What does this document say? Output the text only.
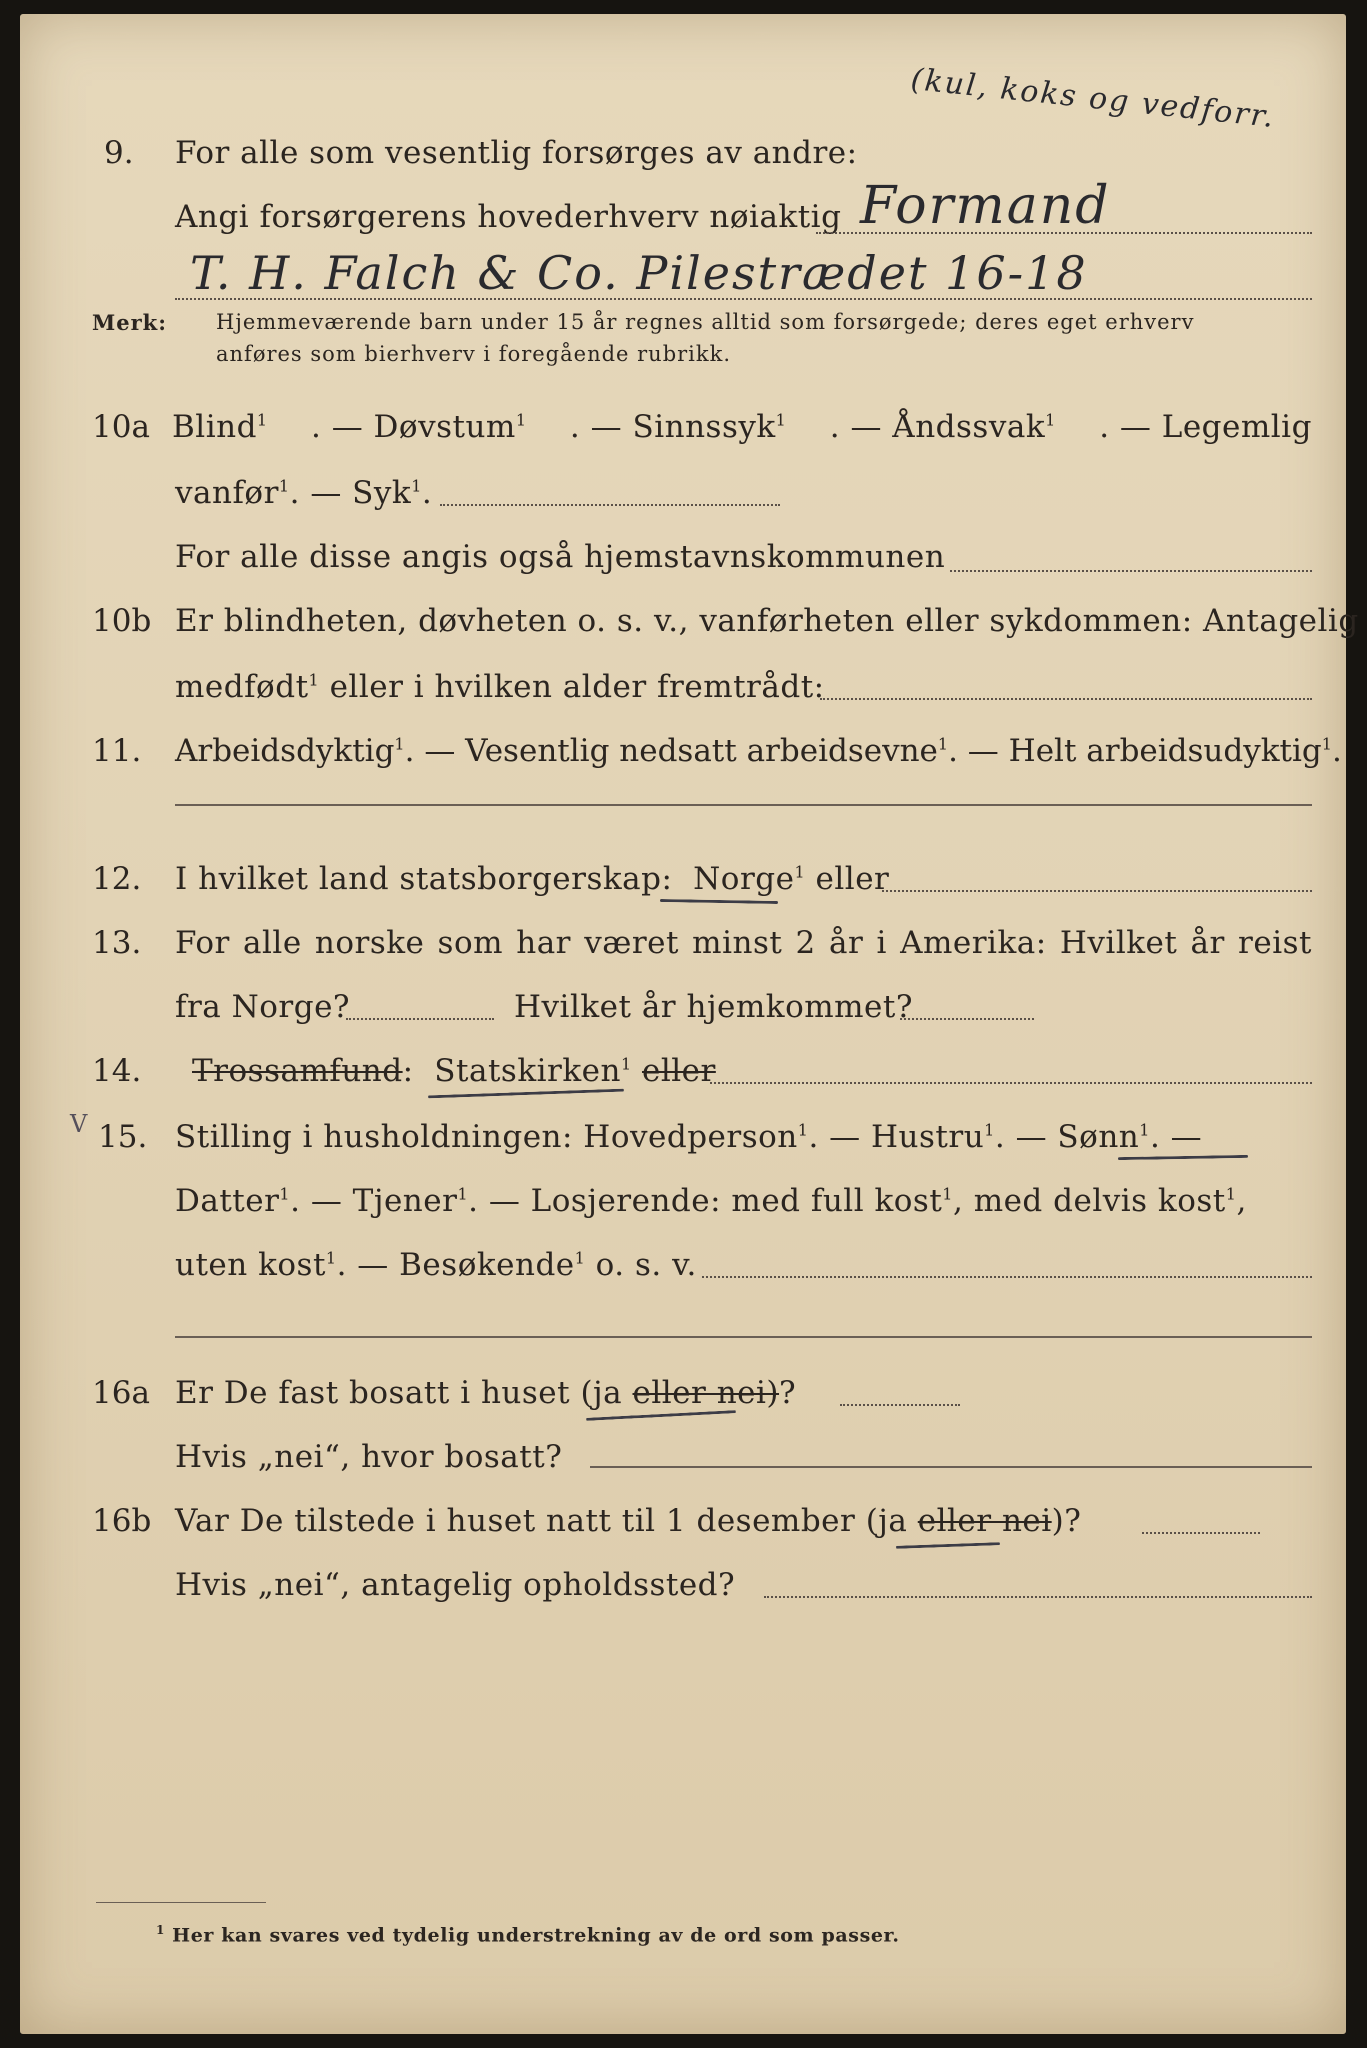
(kul, koks og vedforr.
9. For alle som vesentlig forsørges av andre:
Angi forsørgerens hovederhverv nøiaktig Formand
T. H. Falch & Co. Pilestrædet 16-18
Merk: Hjemmeværende barn under 15 år regnes alltid som forsørgede; deres eget erhverv
anføres som bierhverv i foregående rubrikk.
10a Blind$^1$ . — Døvstum$^1$ . — Sinnssyk$^1$ . — Åndssvak$^1$ . — Legemlig
vanfør$^1$. — Syk$^1$.
For alle disse angis også hjemstavnskommunen
10b Er blindheten, døvheten o. s. v., vanførheten eller sykdommen: Antagelig
medfødt$^1$ eller i hvilken alder fremtrådt:
11. Arbeidsdyktig$^1$. — Vesentlig nedsatt arbeidsevne$^1$. — Helt arbeidsudyktig$^1$.
12. I hvilket land statsborgerskap: Norge$^1$ eller
13. For alle norske som har været minst 2 år i Amerika: Hvilket år reist
fra Norge?	Hvilket år hjemkommet?
14. Trossamfund: Statskirken$^1$ eller
V 15. Stilling i husholdningen: Hovedperson$^1$. — Hustru$^1$. — Sønn$^1$. —
Datter$^1$. — Tjener$^1$. — Losjerende: med full kost$^1$, med delvis kost$^1$,
uten kost$^1$. — Besøkende$^1$ o. s. v.
16a Er De fast bosatt i huset (ja eller nei)?
Hvis „nei“, hvor bosatt?
16b Var De tilstede i huset natt til 1 desember (ja eller nei)?
Hvis „nei“, antagelig opholdssted?
$^1$ Her kan svares ved tydelig understrekning av de ord som passer.
